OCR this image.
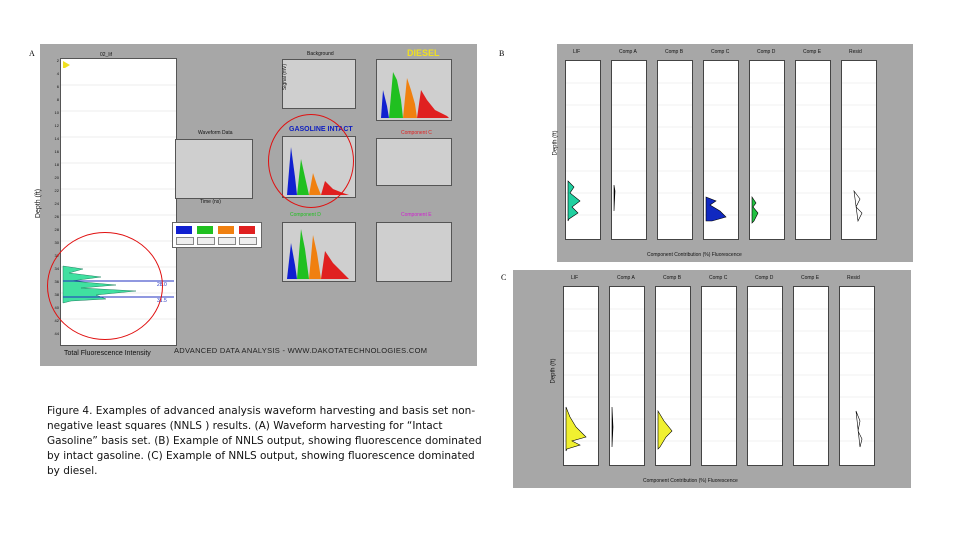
A	B
C
02_lif
2
4
6
8
10
12
14
16
18
20
22
24
26
28
30
32
34
36
38
40
42
44
Depth (ft)
Total Fluorescence Intensity
28.0
31.5
Waveform Data
Time (ns)
Background
Signal (mV)
DIESEL
GASOLINE INTACT	Component C
Component D	Component E
ADVANCED DATA ANALYSIS - WWW.DAKOTATECHNOLOGIES.COM
Depth (ft)
LIF	Comp A	Comp B	Comp C	Comp D	Comp E	Resid
Component Contribution (%) Fluorescence
Depth (ft)
LIF	Comp A	Comp B	Comp C	Comp D	Comp E	Resid
Component Contribution (%) Fluorescence
Figure 4. Examples of advanced analysis waveform harvesting and basis set non-negative least squares (NNLS ) results. (A) Waveform harvesting for “Intact Gasoline” basis set. (B) Example of NNLS output, showing fluorescence dominated by intact gasoline. (C) Example of NNLS output, showing fluorescence dominated by diesel.
